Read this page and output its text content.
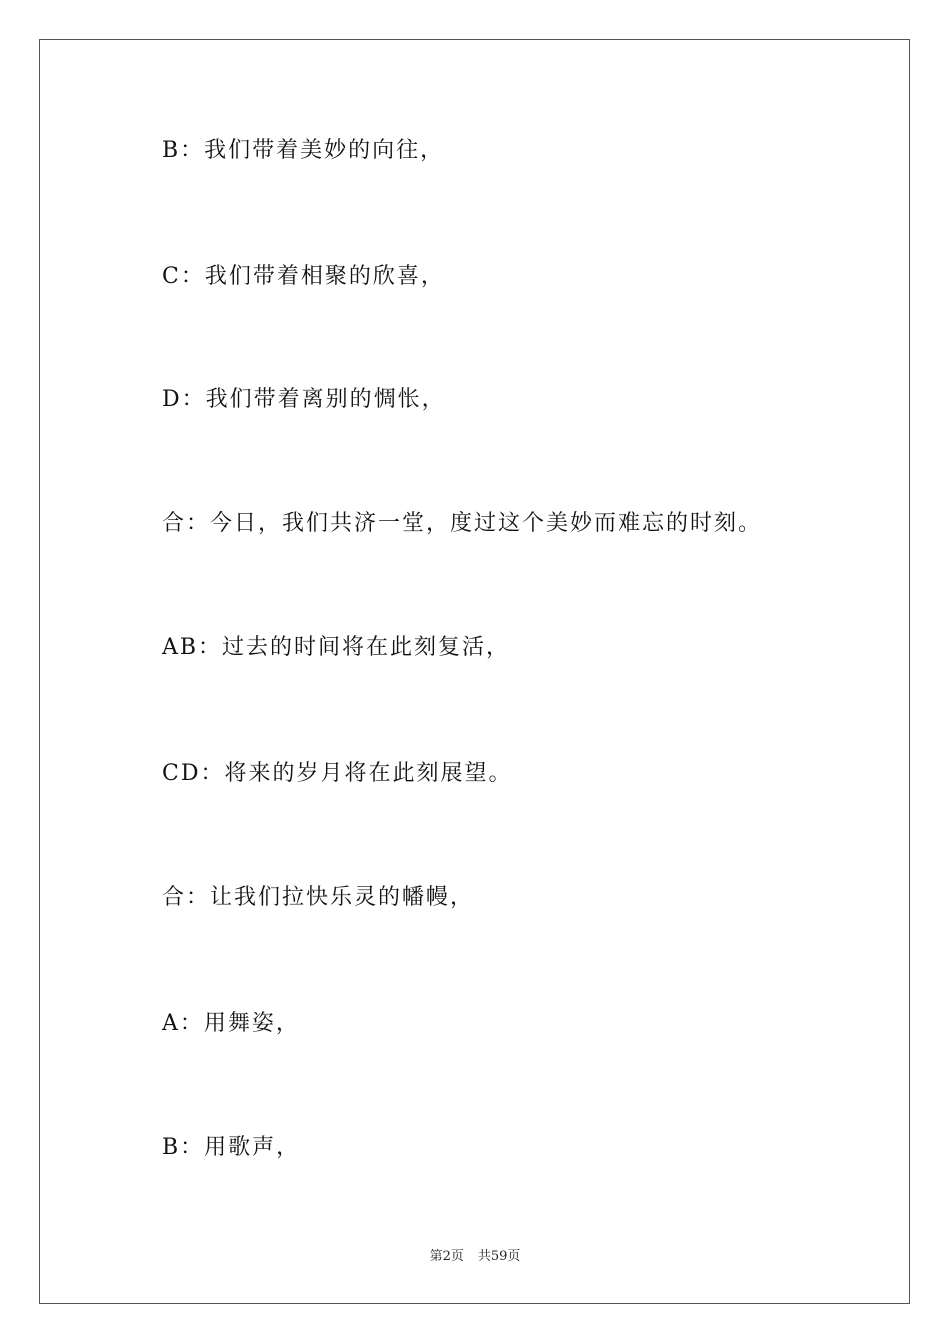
B：我们带着美妙的向往，
C：我们带着相聚的欣喜，
D：我们带着离别的惆怅，
合：今日，我们共济一堂，度过这个美妙而难忘的时刻。
AB：过去的时间将在此刻复活，
CD：将来的岁月将在此刻展望。
合：让我们拉快乐灵的幡幔，
A：用舞姿，
B：用歌声，
第2页 共59页
